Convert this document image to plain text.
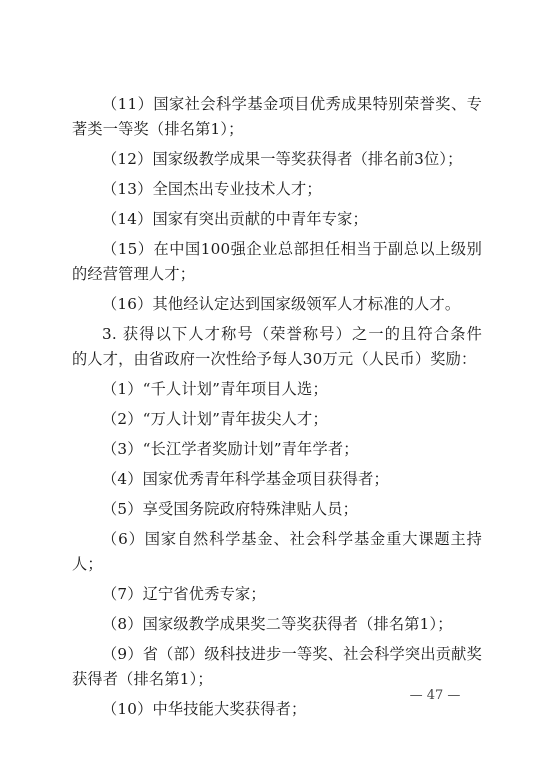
（11）国家社会科学基金项目优秀成果特别荣誉奖、专

著类一等奖（排名第1）；

（12）国家级教学成果一等奖获得者（排名前3位）；

（13）全国杰出专业技术人才；

（14）国家有突出贡献的中青年专家；

（15）在中国100强企业总部担任相当于副总以上级别

的经营管理人才；

（16）其他经认定达到国家级领军人才标准的人才。

3. 获得以下人才称号（荣誉称号）之一的且符合条件

的人才，由省政府一次性给予每人30万元（人民币）奖励：

（1）“千人计划”青年项目人选；

（2）“万人计划”青年拔尖人才；

（3）“长江学者奖励计划”青年学者；

（4）国家优秀青年科学基金项目获得者；

（5）享受国务院政府特殊津贴人员；

（6）国家自然科学基金、社会科学基金重大课题主持

人；

（7）辽宁省优秀专家；

（8）国家级教学成果奖二等奖获得者（排名第1）；

（9）省（部）级科技进步一等奖、社会科学突出贡献奖

获得者（排名第1）；

（10）中华技能大奖获得者；

— 47 —
